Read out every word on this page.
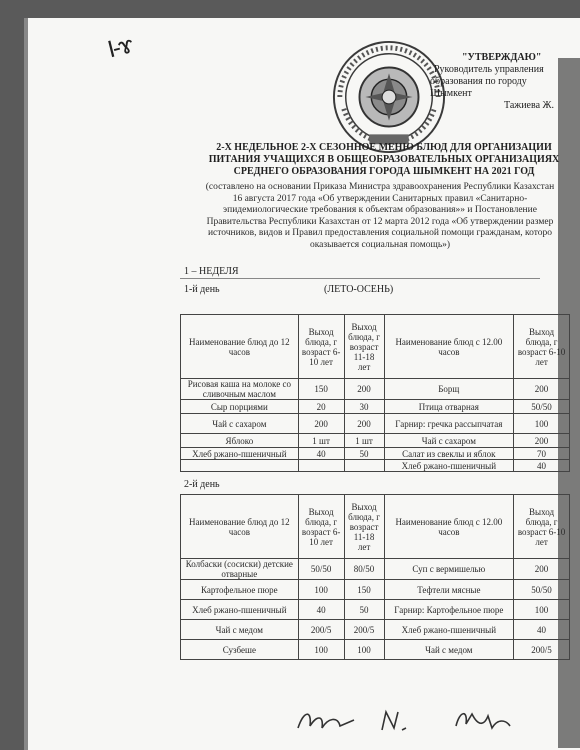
I-ɤ	"УТВЕРЖДАЮ"
Руководитель управления
образования по городу Шымкент
Тажиева Ж.
2-Х НЕДЕЛЬНОЕ 2-Х СЕЗОННОЕ МЕНЮ БЛЮД ДЛЯ ОРГАНИЗАЦИИ
ПИТАНИЯ УЧАЩИХСЯ В ОБЩЕОБРАЗОВАТЕЛЬНЫХ ОРГАНИЗАЦИЯХ
СРЕДНЕГО ОБРАЗОВАНИЯ ГОРОДА ШЫМКЕНТ НА 2021 ГОД
(составлено на основании Приказа Министра здравоохранения Республики Казахстан
16 августа 2017 года «Об утверждении Санитарных правил «Санитарно-
эпидемиологические требования к объектам образования»» и Постановление
Правительства Республики Казахстан от 12 марта 2012 года «Об утверждении размер
источников, видов и Правил предоставления социальной помощи гражданам, которо
оказывается социальная помощь»)
1 – НЕДЕЛЯ
1-й день	(ЛЕТО-ОСЕНЬ)
Наименование блюд до 12 часов	Выход блюда, г возраст 6-10 лет	Выход блюда, г возраст 11-18 лет	Наименование блюд с 12.00 часов	Выход блюда, г возраст 6-10 лет
Рисовая каша на молоке со сливочным маслом	150	200	Борщ	200
Сыр порциями	20	30	Птица отварная	50/50
Чай с сахаром	200	200	Гарнир: гречка рассыпчатая	100
Яблоко	1 шт	1 шт	Чай с сахаром	200
Хлеб ржано-пшеничный	40	50	Салат из свеклы и яблок	70
			Хлеб ржано-пшеничный	40
2-й день
Наименование блюд до 12 часов	Выход блюда, г возраст 6-10 лет	Выход блюда, г возраст 11-18 лет	Наименование блюд с 12.00 часов	Выход блюда, г возраст 6-10 лет
Колбаски (сосиски) детские отварные	50/50	80/50	Суп с вермишелью	200
Картофельное пюре	100	150	Тефтели мясные	50/50
Хлеб ржано-пшеничный	40	50	Гарнир: Картофельное пюре	100
Чай с медом	200/5	200/5	Хлеб ржано-пшеничный	40
Сузбеше	100	100	Чай с медом	200/5
